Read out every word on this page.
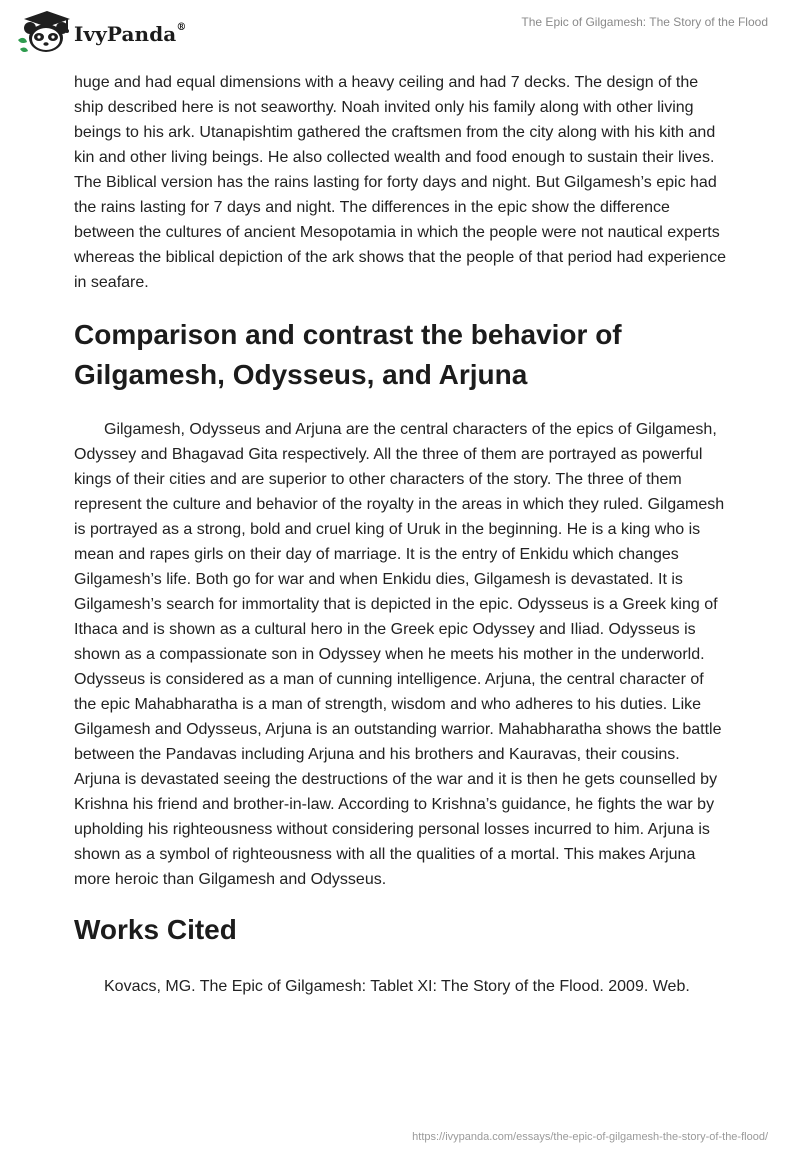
IvyPanda®	The Epic of Gilgamesh: The Story of the Flood

huge and had equal dimensions with a heavy ceiling and had 7 decks. The design of the ship described here is not seaworthy. Noah invited only his family along with other living beings to his ark. Utanapishtim gathered the craftsmen from the city along with his kith and kin and other living beings. He also collected wealth and food enough to sustain their lives. The Biblical version has the rains lasting for forty days and night. But Gilgamesh’s epic had the rains lasting for 7 days and night. The differences in the epic show the difference between the cultures of ancient Mesopotamia in which the people were not nautical experts whereas the biblical depiction of the ark shows that the people of that period had experience in seafare.

Comparison and contrast the behavior of Gilgamesh, Odysseus, and Arjuna

Gilgamesh, Odysseus and Arjuna are the central characters of the epics of Gilgamesh, Odyssey and Bhagavad Gita respectively. All the three of them are portrayed as powerful kings of their cities and are superior to other characters of the story. The three of them represent the culture and behavior of the royalty in the areas in which they ruled. Gilgamesh is portrayed as a strong, bold and cruel king of Uruk in the beginning. He is a king who is mean and rapes girls on their day of marriage. It is the entry of Enkidu which changes Gilgamesh’s life. Both go for war and when Enkidu dies, Gilgamesh is devastated. It is Gilgamesh’s search for immortality that is depicted in the epic. Odysseus is a Greek king of Ithaca and is shown as a cultural hero in the Greek epic Odyssey and Iliad. Odysseus is shown as a compassionate son in Odyssey when he meets his mother in the underworld. Odysseus is considered as a man of cunning intelligence. Arjuna, the central character of the epic Mahabharatha is a man of strength, wisdom and who adheres to his duties. Like Gilgamesh and Odysseus, Arjuna is an outstanding warrior. Mahabharatha shows the battle between the Pandavas including Arjuna and his brothers and Kauravas, their cousins. Arjuna is devastated seeing the destructions of the war and it is then he gets counselled by Krishna his friend and brother-in-law. According to Krishna’s guidance, he fights the war by upholding his righteousness without considering personal losses incurred to him. Arjuna is shown as a symbol of righteousness with all the qualities of a mortal. This makes Arjuna more heroic than Gilgamesh and Odysseus.

Works Cited

Kovacs, MG. The Epic of Gilgamesh: Tablet XI: The Story of the Flood. 2009. Web.

https://ivypanda.com/essays/the-epic-of-gilgamesh-the-story-of-the-flood/
